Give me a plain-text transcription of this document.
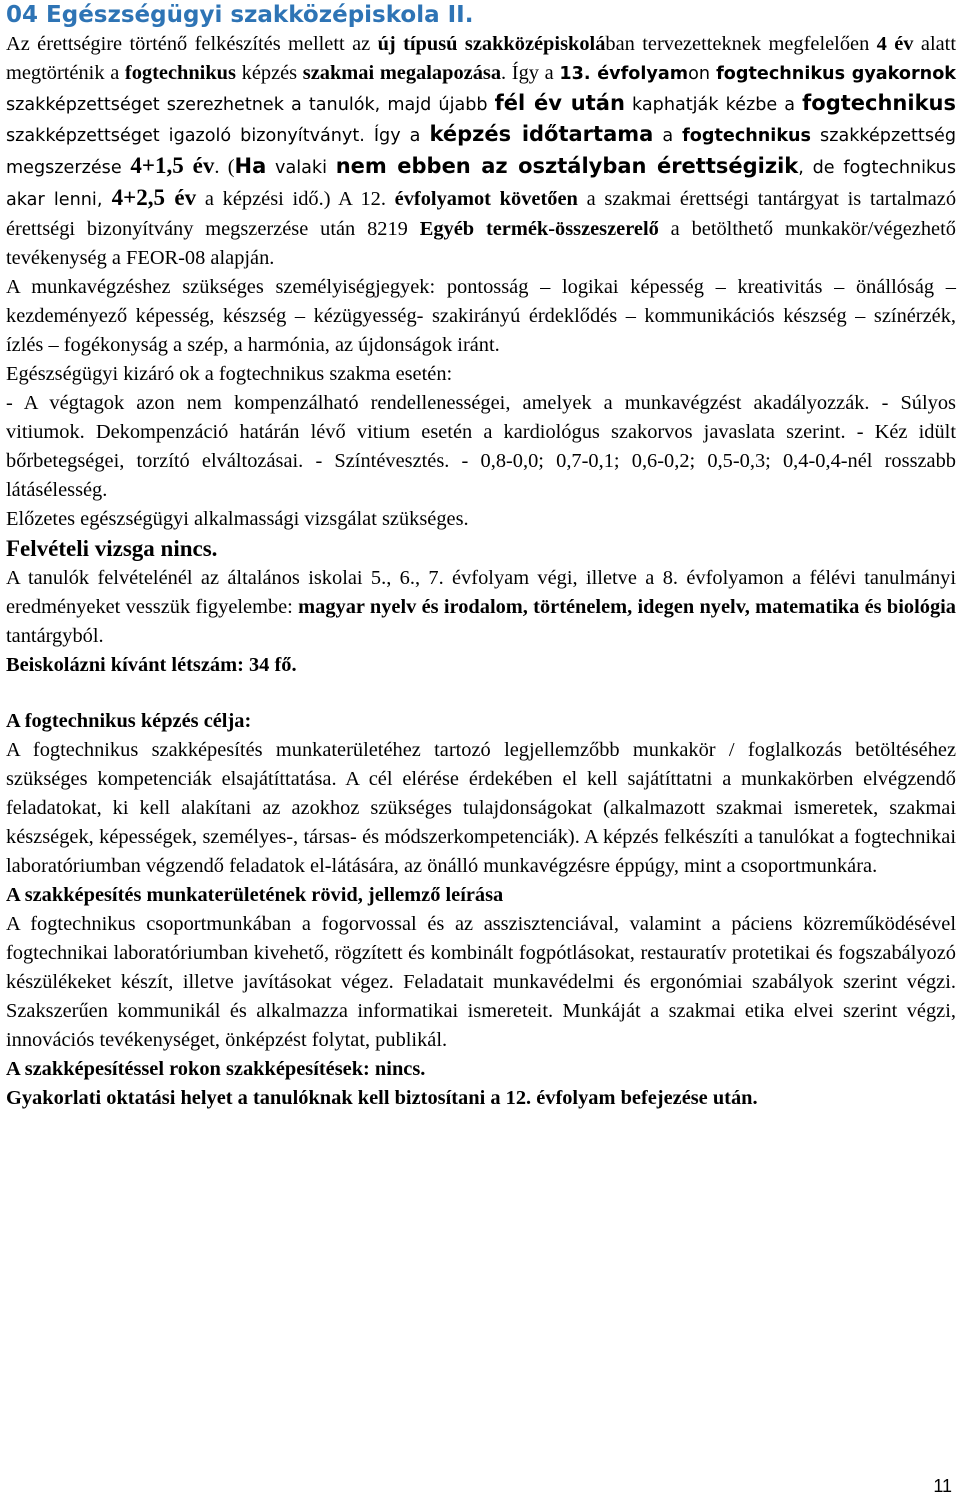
04 Egészségügyi szakközépiskola II.

Az érettségire történő felkészítés mellett az új típusú szakközépiskolában tervezetteknek megfelelően 4 év alatt megtörténik a fogtechnikus képzés szakmai megalapozása. Így a 13. évfolyamon fogtechnikus gyakornok szakképzettséget szerezhetnek a tanulók, majd újabb fél év után kaphatják kézbe a fogtechnikus szakképzettséget igazoló bizonyítványt. Így a képzés időtartama a fogtechnikus szakképzettség megszerzése 4+1,5 év. (Ha valaki nem ebben az osztályban érettségizik, de fogtechnikus akar lenni, 4+2,5 év a képzési idő.) A 12. évfolyamot követően a szakmai érettségi tantárgyat is tartalmazó érettségi bizonyítvány megszerzése után 8219 Egyéb termék-összeszerelő a betölthető munkakör/végezhető tevékenység a FEOR-08 alapján.

A munkavégzéshez szükséges személyiségjegyek: pontosság – logikai képesség – kreativitás – önállóság – kezdeményező képesség, készség – kézügyesség- szakirányú érdeklődés – kommunikációs készség – színérzék, ízlés – fogékonyság a szép, a harmónia, az újdonságok iránt.

Egészségügyi kizáró ok a fogtechnikus szakma esetén:

- A végtagok azon nem kompenzálható rendellenességei, amelyek a munkavégzést akadályozzák. - Súlyos vitiumok. Dekompenzáció határán lévő vitium esetén a kardiológus szakorvos javaslata szerint. - Kéz idült bőrbetegségei, torzító elváltozásai. - Színtévesztés. - 0,8-0,0; 0,7-0,1; 0,6-0,2; 0,5-0,3; 0,4-0,4-nél rosszabb látásélesség.

Előzetes egészségügyi alkalmassági vizsgálat szükséges.

Felvételi vizsga nincs.

A tanulók felvételénél az általános iskolai 5., 6., 7. évfolyam végi, illetve a 8. évfolyamon a félévi tanulmányi eredményeket vesszük figyelembe: magyar nyelv és irodalom, történelem, idegen nyelv, matematika és biológia tantárgyból.

Beiskolázni kívánt létszám: 34 fő.

A fogtechnikus képzés célja:

A fogtechnikus szakképesítés munkaterületéhez tartozó legjellemzőbb munkakör / foglalkozás betöltéséhez szükséges kompetenciák elsajátíttatása. A cél elérése érdekében el kell sajátíttatni a munkakörben elvégzendő feladatokat, ki kell alakítani az azokhoz szükséges tulajdonságokat (alkalmazott szakmai ismeretek, szakmai készségek, képességek, személyes-, társas- és módszerkompetenciák). A képzés felkészíti a tanulókat a fogtechnikai laboratóriumban végzendő feladatok el-látására, az önálló munkavégzésre éppúgy, mint a csoportmunkára.

A szakképesítés munkaterületének rövid, jellemző leírása

A fogtechnikus csoportmunkában a fogorvossal és az asszisztenciával, valamint a páciens közreműködésével fogtechnikai laboratóriumban kivehető, rögzített és kombinált fogpótlásokat, restauratív protetikai és fogszabályozó készülékeket készít, illetve javításokat végez. Feladatait munkavédelmi és ergonómiai szabályok szerint végzi. Szakszerűen kommunikál és alkalmazza informatikai ismereteit. Munkáját a szakmai etika elvei szerint végzi, innovációs tevékenységet, önképzést folytat, publikál.

A szakképesítéssel rokon szakképesítések: nincs.

Gyakorlati oktatási helyet a tanulóknak kell biztosítani a 12. évfolyam befejezése után.

11
